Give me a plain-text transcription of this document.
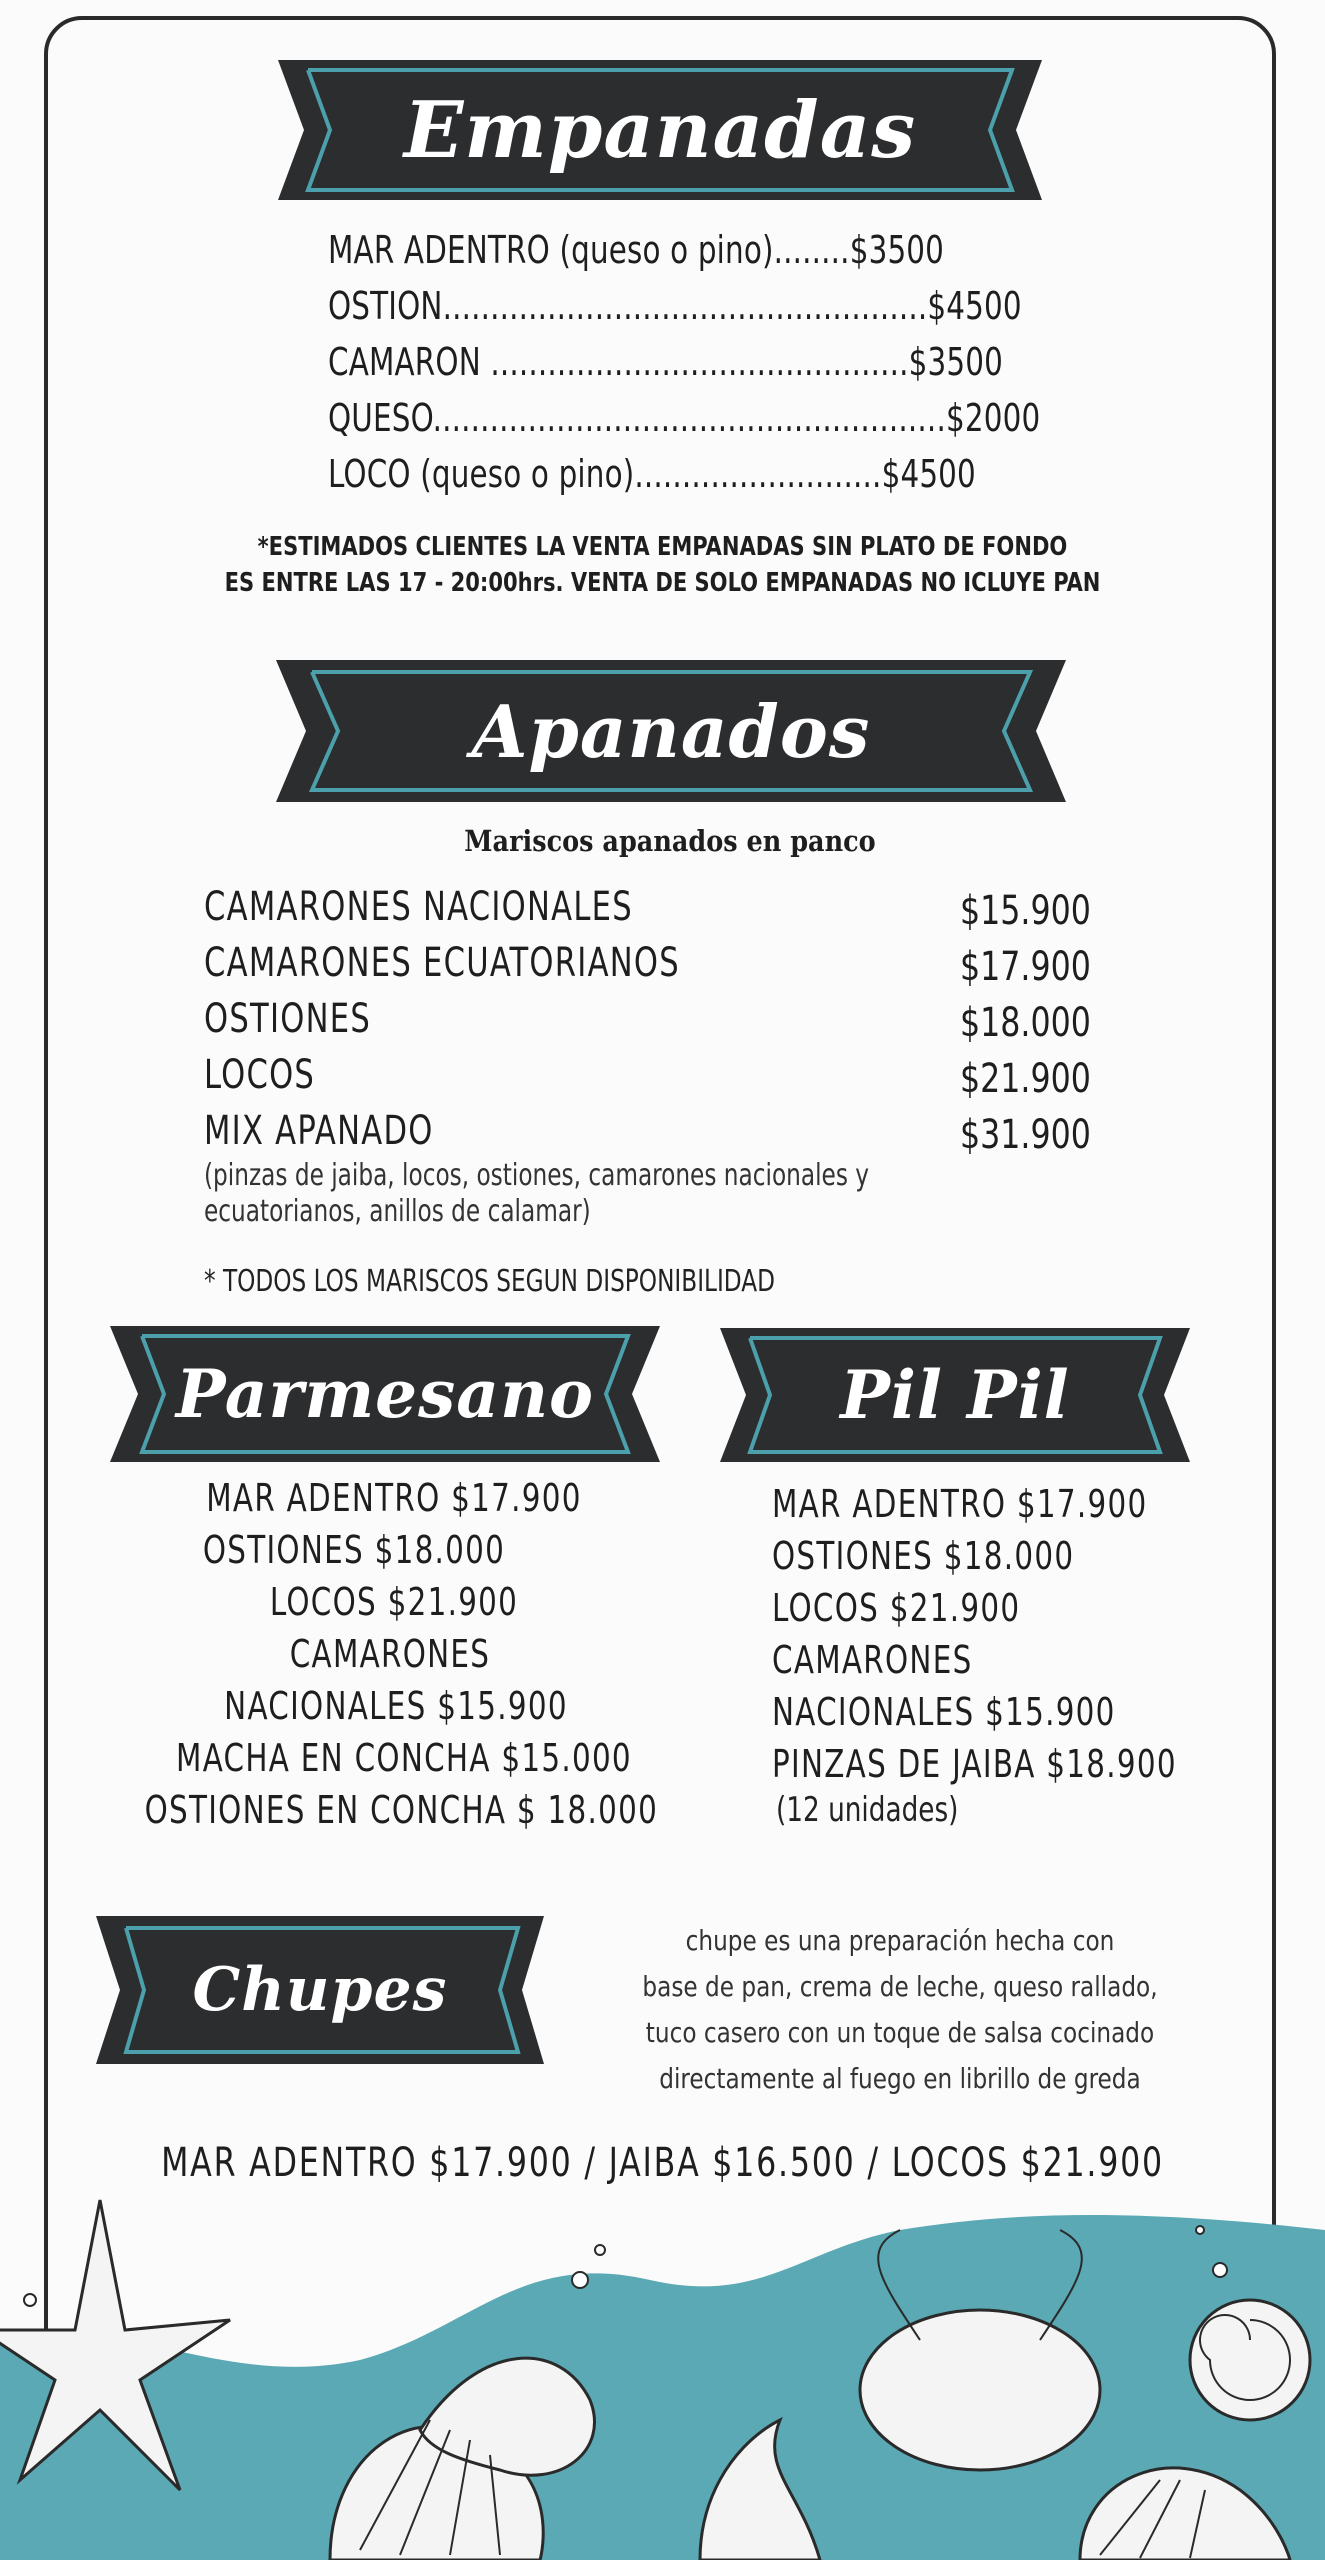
Empanadas
MAR ADENTRO (queso o pino)........$3500
OSTION...................................................$4500
CAMARON ............................................$3500
QUESO......................................................$2000
LOCO (queso o pino)..........................$4500
*ESTIMADOS CLIENTES LA VENTA EMPANADAS SIN PLATO DE FONDO
ES ENTRE LAS 17 - 20:00hrs. VENTA DE SOLO EMPANADAS NO ICLUYE PAN
Apanados
Mariscos apanados en panco
CAMARONES NACIONALES	$15.900
CAMARONES ECUATORIANOS	$17.900
OSTIONES	$18.000
LOCOS	$21.900
MIX APANADO	$31.900
(pinzas de jaiba, locos, ostiones, camarones nacionales y
ecuatorianos, anillos de calamar)
* TODOS LOS MARISCOS SEGUN DISPONIBILIDAD
Parmesano	Pil Pil
MAR ADENTRO $17.900
OSTIONES $18.000
LOCOS $21.900
CAMARONES
NACIONALES $15.900
MACHA EN CONCHA $15.000
OSTIONES EN CONCHA $ 18.000
MAR ADENTRO $17.900
OSTIONES $18.000
LOCOS $21.900
CAMARONES
NACIONALES $15.900
PINZAS DE JAIBA $18.900
(12 unidades)
Chupes
chupe es una preparación hecha con
base de pan, crema de leche, queso rallado,
tuco casero con un toque de salsa cocinado
directamente al fuego en librillo de greda
MAR ADENTRO $17.900 / JAIBA $16.500 / LOCOS $21.900
